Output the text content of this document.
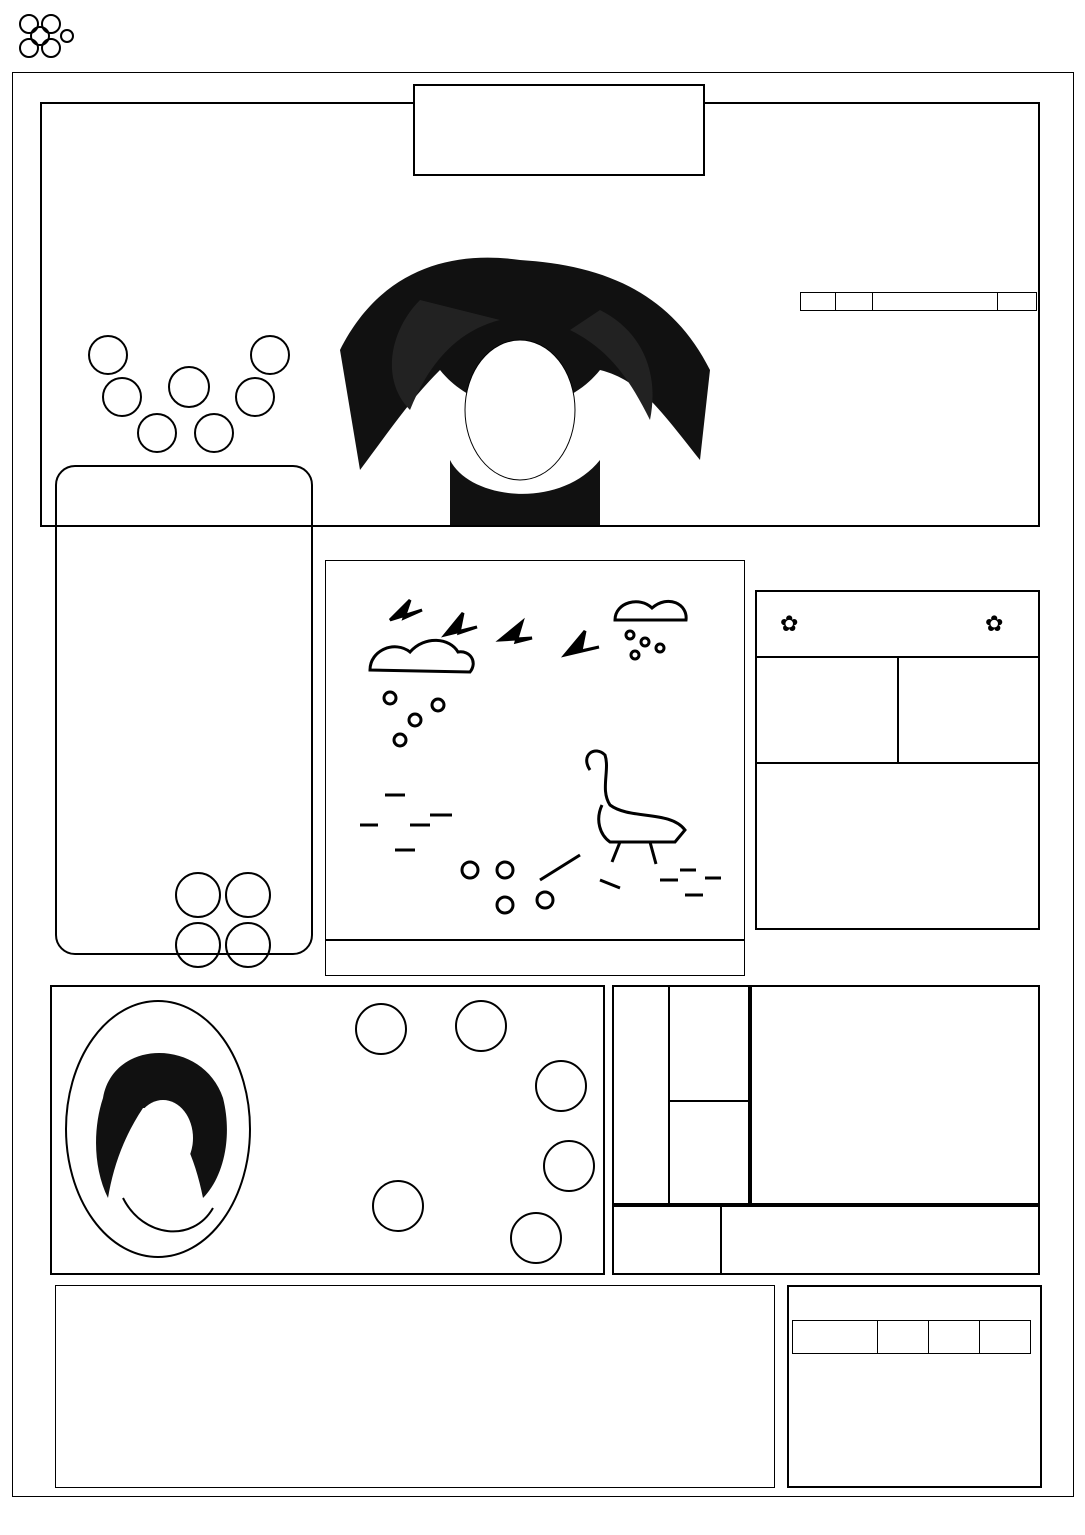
✿	✿
